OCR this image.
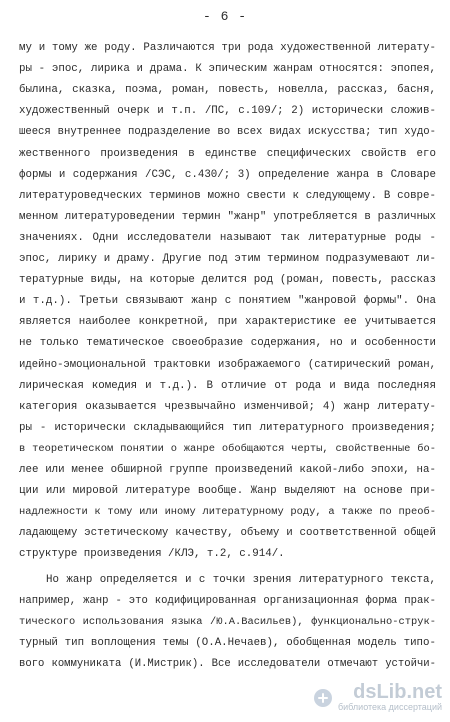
- 6 -
му и тому же роду. Различаются три рода художественной литерату-
ры - эпос, лирика и драма. К эпическим жанрам относятся: эпопея,
былина, сказка, поэма, роман, повесть, новелла, рассказ, басня,
художественный очерк и т.п. /ПС, с.109/; 2) исторически сложив-
шееся внутреннее подразделение во всех видах искусства; тип худо-
жественного произведения в единстве специфических свойств его
формы и содержания /СЭС, с.430/; 3) определение жанра в Словаре
литературоведческих терминов можно свести к следующему. В совре-
менном литературоведении термин "жанр" употребляется в различных
значениях. Одни исследователи называют так литературные роды -
эпос, лирику и драму. Другие под этим термином подразумевают ли-
тературные виды, на которые делится род (роман, повесть, рассказ
и т.д.). Третьи связывают жанр с понятием "жанровой формы". Она
является наиболее конкретной, при характеристике ее учитывается
не только тематическое своеобразие содержания, но и особенности
идейно-эмоциональной трактовки изображаемого (сатирический роман,
лирическая комедия и т.д.). В отличие от рода и вида последняя
категория оказывается чрезвычайно изменчивой; 4) жанр литерату-
ры - исторически складывающийся тип литературного произведения;
в теоретическом понятии о жанре обобщаются черты, свойственные бо-
лее или менее обширной группе произведений какой-либо эпохи, на-
ции или мировой литературе вообще. Жанр выделяют на основе при-
надлежности к тому или иному литературному роду, а также по преоб-
ладающему эстетическому качеству, объему и соответственной общей
структуре произведения /КЛЭ, т.2, с.914/.
Но жанр определяется и с точки зрения литературного текста,
например, жанр - это кодифицированная организационная форма прак-
тического использования языка /Ю.А.Васильев), функционально-струк-
турный тип воплощения темы (О.А.Нечаев), обобщенная модель типо-
вого коммуниката (И.Мистрик). Все исследователи отмечают устойчи-
dsLib.net
библиотека диссертаций
